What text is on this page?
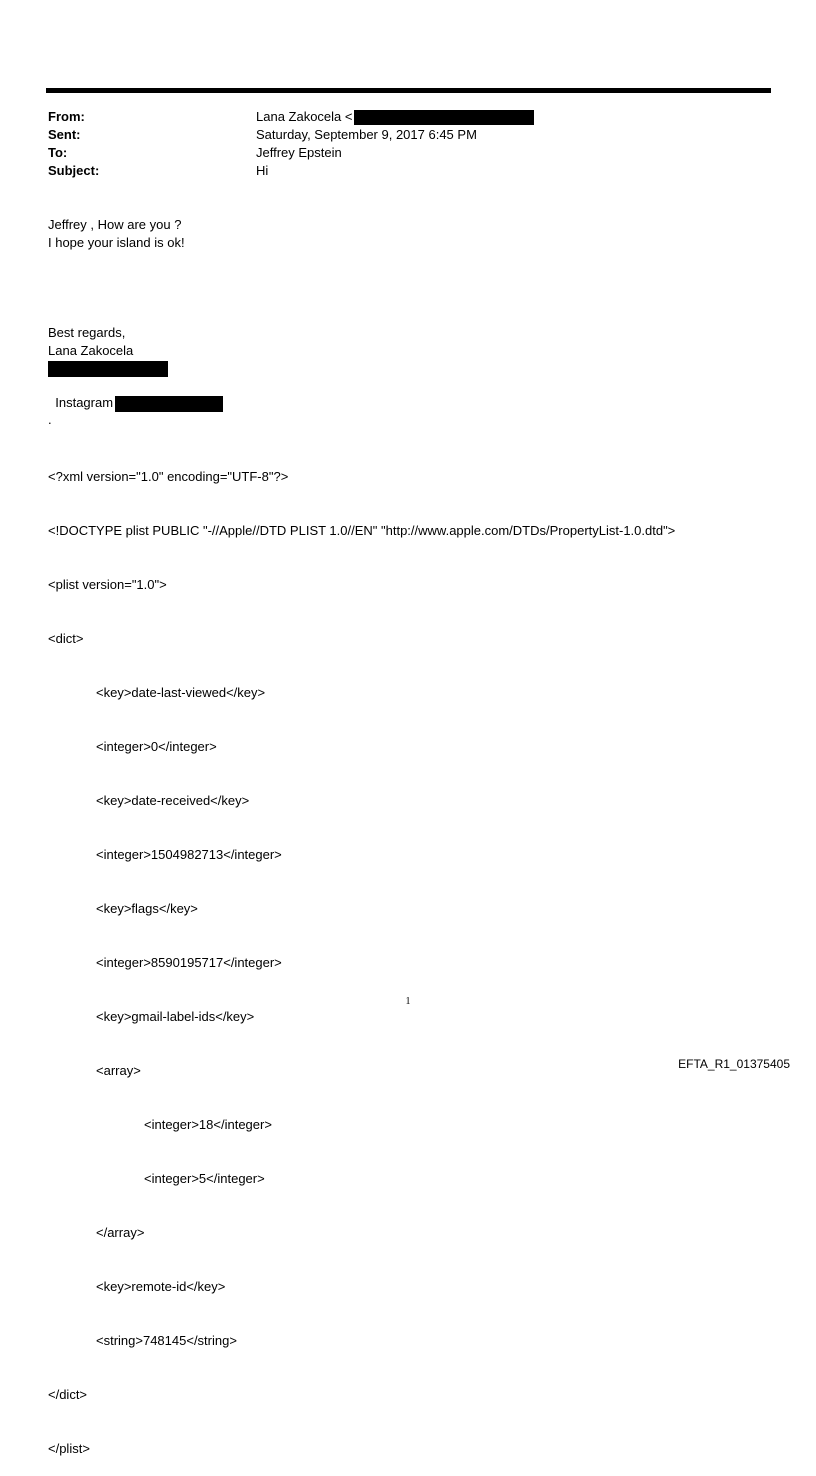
From:	Lana Zakocela <
Sent:	Saturday, September 9, 2017 6:45 PM
To:	Jeffrey Epstein
Subject:	Hi
Jeffrey , How are you ?
I hope your island is ok!
Best regards,
Lana Zakocela

Instagram

.

<?xml version="1.0" encoding="UTF-8"?>

<!DOCTYPE plist PUBLIC "-//Apple//DTD PLIST 1.0//EN" "http://www.apple.com/DTDs/PropertyList-1.0.dtd">

<plist version="1.0">

<dict>

<key>date-last-viewed</key>

<integer>0</integer>

<key>date-received</key>

<integer>1504982713</integer>

<key>flags</key>

<integer>8590195717</integer>

<key>gmail-label-ids</key>

<array>

<integer>18</integer>

<integer>5</integer>

</array>

<key>remote-id</key>

<string>748145</string>

</dict>

</plist>

1
EFTA_R1_01375405
